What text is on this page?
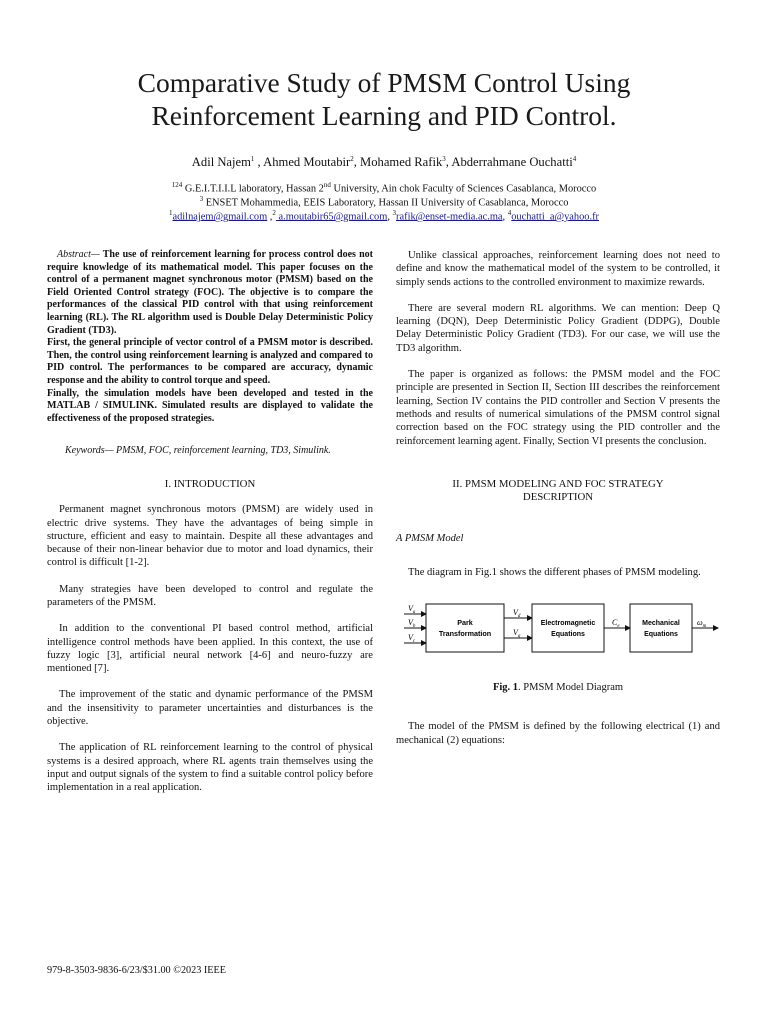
Comparative Study of PMSM Control Using
Reinforcement Learning and PID Control.
Adil Najem$^1$ , Ahmed Moutabir$^2$, Mohamed Rafik$^3$, Abderrahmane Ouchatti$^4$
$^{124}$ G.E.I.T.I.I.L laboratory, Hassan 2nd University, Ain chok Faculty of Sciences Casablanca, Morocco
$^3$ ENSET Mohammedia, EEIS Laboratory, Hassan II University of Casablanca, Morocco
$^1$adilnajem@gmail.com ,$^2$ a.moutabir65@gmail.com, $^3$rafik@enset-media.ac.ma, $^4$ouchatti_a@yahoo.fr

Abstract— The use of reinforcement learning for process control does not require knowledge of its mathematical model. This paper focuses on the control of a permanent magnet synchronous motor (PMSM) based on the Field Oriented Control strategy (FOC). The objective is to compare the performances of the classical PID control with that using reinforcement learning (RL). The RL algorithm used is Double Delay Deterministic Policy Gradient (TD3).

First, the general principle of vector control of a PMSM motor is described. Then, the control using reinforcement learning is analyzed and compared to PID control. The performances to be compared are accuracy, dynamic response and the ability to control torque and speed.

Finally, the simulation models have been developed and tested in the MATLAB / SIMULINK. Simulated results are displayed to validate the effectiveness of the proposed strategies.

Keywords— PMSM, FOC, reinforcement learning, TD3, Simulink.

I. INTRODUCTION

Permanent magnet synchronous motors (PMSM) are widely used in electric drive systems. They have the advantages of being simple in structure, efficient and easy to maintain. Despite all these advantages and because of their non-linear behavior due to motor and load dynamics, their control is difficult [1-2].

Many strategies have been developed to control and regulate the parameters of the PMSM.

In addition to the conventional PI based control method, artificial intelligence control methods have been applied. In this context, the use of fuzzy logic [3], artificial neural network [4-6] and neuro-fuzzy are mentioned [7].

The improvement of the static and dynamic performance of the PMSM and the insensitivity to parameter uncertainties and disturbances is the objective.

The application of RL reinforcement learning to the control of physical systems is a desired approach, where RL agents train themselves using the input and output signals of the system to find a suitable control policy before implementation in a real application.

Unlike classical approaches, reinforcement learning does not need to define and know the mathematical model of the system to be controlled, it simply sends actions to the controlled environment to maximize rewards.

There are several modern RL algorithms. We can mention: Deep Q learning (DQN), Deep Deterministic Policy Gradient (DDPG), Double Delay Deterministic Policy Gradient (TD3). For our case, we will use the TD3 algorithm.

The paper is organized as follows: the PMSM model and the FOC principle are presented in Section II, Section III describes the reinforcement learning, Section IV contains the PID controller and Section V presents the methods and results of numerical simulations of the PMSM control signal correction based on the FOC strategy using the PID controller and the reinforcement learning agent. Finally, Section VI presents the conclusion.

II. PMSM MODELING AND FOC STRATEGY
DESCRIPTION

A PMSM Model

The diagram in Fig.1 shows the different phases of PMSM modeling.

$V_a$
$V_b$
$V_c$
Park
Transformation
$V_d$
$V_q$
Electromagnetic
Equations
$C_e$	Mechanical
Equations
$\omega_m$

Fig. 1. PMSM Model Diagram

The model of the PMSM is defined by the following electrical (1) and mechanical (2) equations:

979-8-3503-9836-6/23/$31.00 ©2023 IEEE
